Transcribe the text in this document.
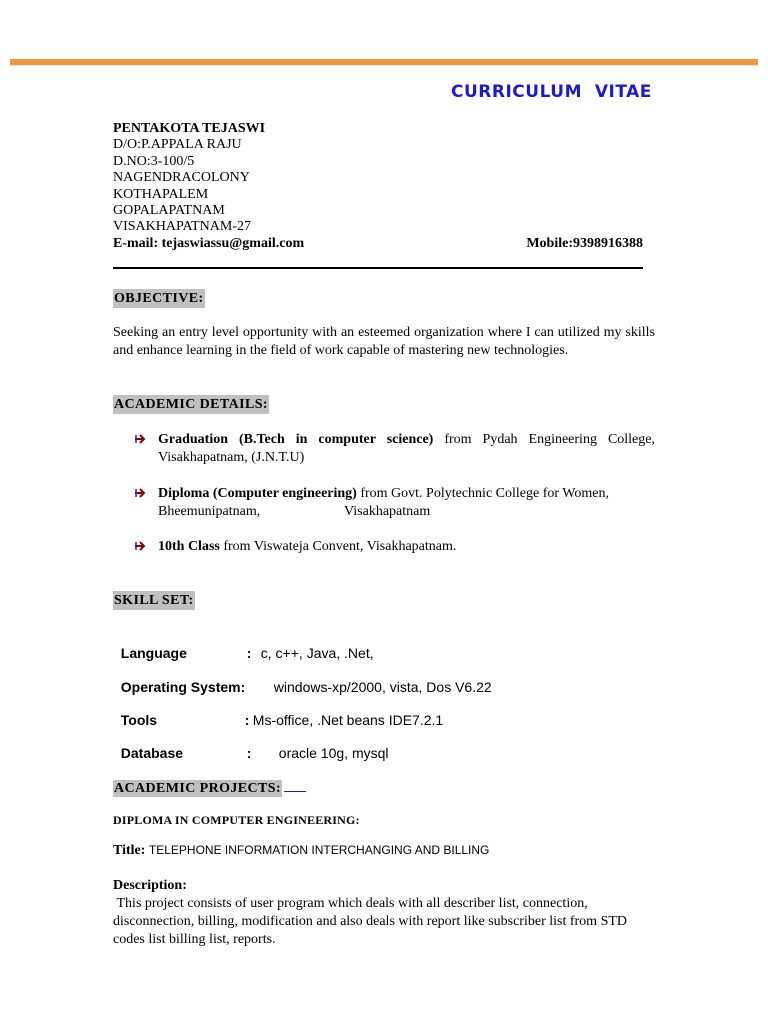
CURRICULUM  VITAE
PENTAKOTA TEJASWI
D/O:P.APPALA RAJU
D.NO:3-100/5
NAGENDRACOLONY
KOTHAPALEM
GOPALAPATNAM
VISAKHAPATNAM-27
E-mail: tejaswiassu@gmail.com	Mobile:9398916388
OBJECTIVE:
Seeking an entry level opportunity with an esteemed organization where I can utilized my skills and enhance learning in the field of work capable of mastering new technologies.
ACADEMIC DETAILS:
Graduation (B.Tech in computer science) from Pydah Engineering College, Visakhapatnam, (J.N.T.U)

Diploma (Computer engineering) from Govt. Polytechnic College for Women, Bheemunipatnam,                        Visakhapatnam
10th Class from Viswateja Convent, Visakhapatnam.
SKILL SET:

Language	: c, c++, Java, .Net,

Operating System: windows-xp/2000, vista, Dos V6.22

Tools	: Ms-office, .Net beans IDE7.2.1

Database	: oracle 10g, mysql

ACADEMIC PROJECTS:
DIPLOMA IN COMPUTER ENGINEERING:
Title: TELEPHONE INFORMATION INTERCHANGING AND BILLING
Description:
This project consists of user program which deals with all describer list, connection, disconnection, billing, modification and also deals with report like subscriber list from STD codes list billing list, reports.
